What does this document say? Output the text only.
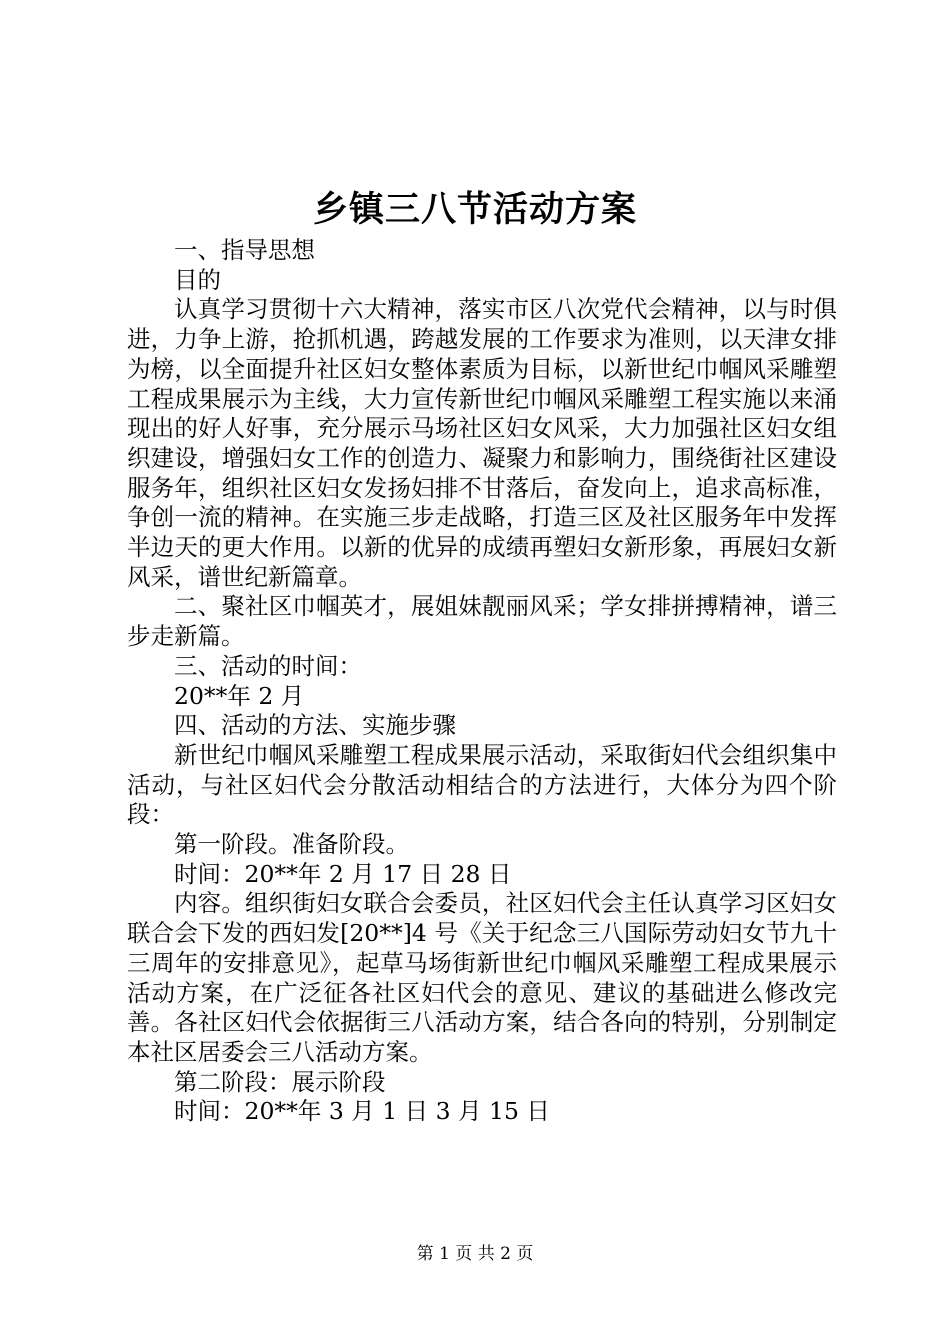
乡镇三八节活动方案

一、指导思想

目的

认真学习贯彻十六大精神，落实市区八次党代会精神，以与时俱进，力争上游，抢抓机遇，跨越发展的工作要求为准则，以天津女排为榜，以全面提升社区妇女整体素质为目标，以新世纪巾帼风采雕塑工程成果展示为主线，大力宣传新世纪巾帼风采雕塑工程实施以来涌现出的好人好事，充分展示马场社区妇女风采，大力加强社区妇女组织建设，增强妇女工作的创造力、凝聚力和影响力，围绕街社区建设服务年，组织社区妇女发扬妇排不甘落后，奋发向上，追求高标准，争创一流的精神。在实施三步走战略，打造三区及社区服务年中发挥半边天的更大作用。以新的优异的成绩再塑妇女新形象，再展妇女新风采，谱世纪新篇章。

二、聚社区巾帼英才，展姐妹靓丽风采；学女排拼搏精神，谱三步走新篇。

三、活动的时间：

20**年 2 月

四、活动的方法、实施步骤

新世纪巾帼风采雕塑工程成果展示活动，采取街妇代会组织集中活动，与社区妇代会分散活动相结合的方法进行，大体分为四个阶段：

第一阶段。准备阶段。

时间：20**年 2 月 17 日 28 日

内容。组织街妇女联合会委员，社区妇代会主任认真学习区妇女联合会下发的西妇发[20**]4 号《关于纪念三八国际劳动妇女节九十三周年的安排意见》，起草马场街新世纪巾帼风采雕塑工程成果展示活动方案，在广泛征各社区妇代会的意见、建议的基础进么修改完善。各社区妇代会依据街三八活动方案，结合各向的特别，分别制定本社区居委会三八活动方案。

第二阶段：展示阶段

时间：20**年 3 月 1 日 3 月 15 日

第 1 页 共 2 页
